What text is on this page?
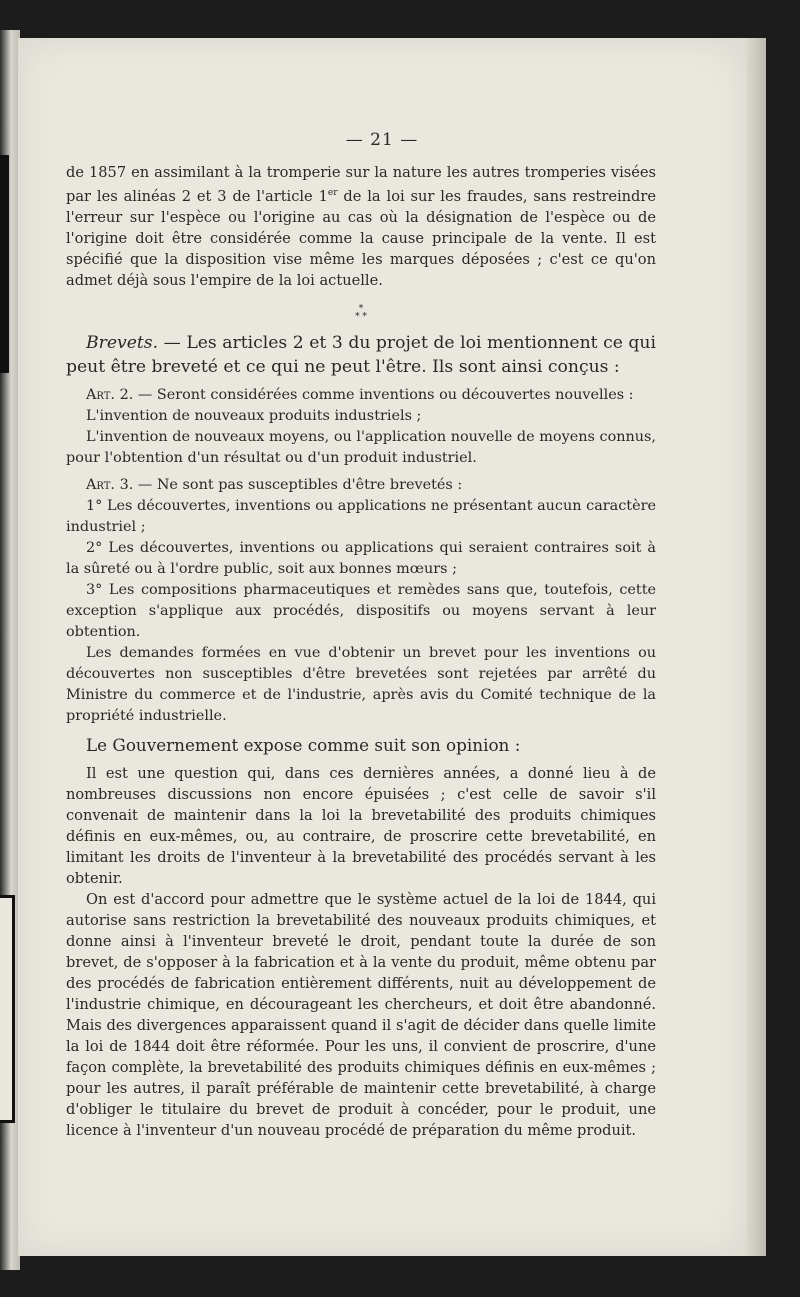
— 21 —

de 1857 en assimilant à la tromperie sur la nature les autres tromperies visées par les alinéas 2 et 3 de l'article 1er de la loi sur les fraudes, sans restreindre l'erreur sur l'espèce ou l'origine au cas où la désignation de l'espèce ou de l'origine doit être considérée comme la cause principale de la vente. Il est spécifié que la disposition vise même les marques déposées ; c'est ce qu'on admet déjà sous l'empire de la loi actuelle.

*
* *

Brevets. — Les articles 2 et 3 du projet de loi mentionnent ce qui peut être breveté et ce qui ne peut l'être. Ils sont ainsi conçus :

Art. 2. — Seront considérées comme inventions ou découvertes nouvelles :

L'invention de nouveaux produits industriels ;

L'invention de nouveaux moyens, ou l'application nouvelle de moyens connus, pour l'obtention d'un résultat ou d'un produit industriel.

Art. 3. — Ne sont pas susceptibles d'être brevetés :

1° Les découvertes, inventions ou applications ne présentant aucun caractère industriel ;

2° Les découvertes, inventions ou applications qui seraient contraires soit à la sûreté ou à l'ordre public, soit aux bonnes mœurs ;

3° Les compositions pharmaceutiques et remèdes sans que, toutefois, cette exception s'applique aux procédés, dispositifs ou moyens servant à leur obtention.

Les demandes formées en vue d'obtenir un brevet pour les inventions ou découvertes non susceptibles d'être brevetées sont rejetées par arrêté du Ministre du commerce et de l'industrie, après avis du Comité technique de la propriété industrielle.

Le Gouvernement expose comme suit son opinion :

Il est une question qui, dans ces dernières années, a donné lieu à de nombreuses discussions non encore épuisées ; c'est celle de savoir s'il convenait de maintenir dans la loi la brevetabilité des produits chimiques définis en eux-mêmes, ou, au contraire, de proscrire cette brevetabilité, en limitant les droits de l'inventeur à la brevetabilité des procédés servant à les obtenir.

On est d'accord pour admettre que le système actuel de la loi de 1844, qui autorise sans restriction la brevetabilité des nouveaux produits chimiques, et donne ainsi à l'inventeur breveté le droit, pendant toute la durée de son brevet, de s'opposer à la fabrication et à la vente du produit, même obtenu par des procédés de fabrication entièrement différents, nuit au développement de l'industrie chimique, en décourageant les chercheurs, et doit être abandonné. Mais des divergences apparaissent quand il s'agit de décider dans quelle limite la loi de 1844 doit être réformée. Pour les uns, il convient de proscrire, d'une façon complète, la brevetabilité des produits chimiques définis en eux-mêmes ; pour les autres, il paraît préférable de maintenir cette brevetabilité, à charge d'obliger le titulaire du brevet de produit à concéder, pour le produit, une licence à l'inventeur d'un nouveau procédé de préparation du même produit.
